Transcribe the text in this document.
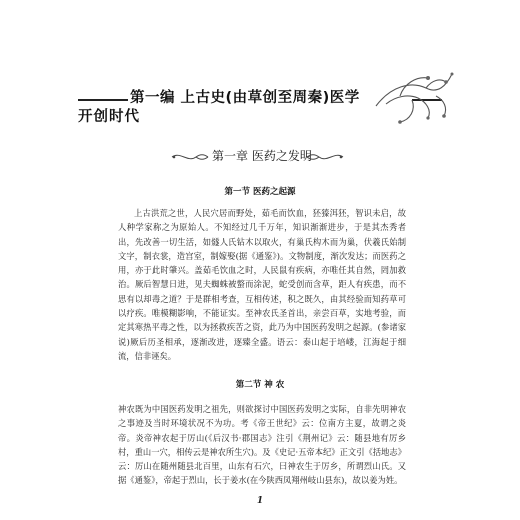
第一编 上古史(由草创至周秦)医学
开创时代
第一章 医药之发明
第一节 医药之起源
上古洪荒之世，人民穴居而野处，茹毛而饮血，狉獉洱狉，智识未启，故人种学家称之为原始人。不知经过几千万年，知识渐渐进步，于是其杰秀者出，先改善一切生活，如燧人氏钻木以取火，有巢氏构木而为巢，伏羲氏始制文字，制衣裳，造宫室，制嫁娶(据《通鉴》)。文物制度，渐次发达；而医药之用，亦于此时肇兴。盖茹毛饮血之时，人民鼠有疾病，亦唯任其自然，罔加救治。厥后智慧日进，见夫蜘蛛被螫而涂泥，蛇受创而含草，距人有疾患，而不思有以却毒之道？于是群相考查，互相传述，积之既久，由其经验而知药草可以疗疾。唯模糊影响，不能证实。至神农氏圣首出，亲尝百草，实地考验，而定其寒热平毒之性，以为拯救疾苦之资，此乃为中国医药发明之起源。(参诸家说)厥后历圣相承，逐渐改进，逐臻全盛。语云：泰山起于培嵝，江海起于细流，信非诬矣。
第二节 神 农
神农既为中国医药发明之祖先，则欲探讨中国医药发明之实际，自非先明神农之事迹及当时环境状况不为功。考《帝王世纪》云：位南方主夏，故谓之炎帝。炎帝神农起于厉山(《后汉书·郡国志》注引《荆州记》云：随县地有厉乡村，重山一穴，相传云是神农所生穴)。及《史记·五帝本纪》正文引《括地志》云：厉山在随州随县北百里，山东有石穴，曰神农生于厉乡，所谓烈山氏。又据《通鉴》，帝起于烈山，长于姜水(在今陕西凤翔州岐山县东)，故以姜为姓。
1
